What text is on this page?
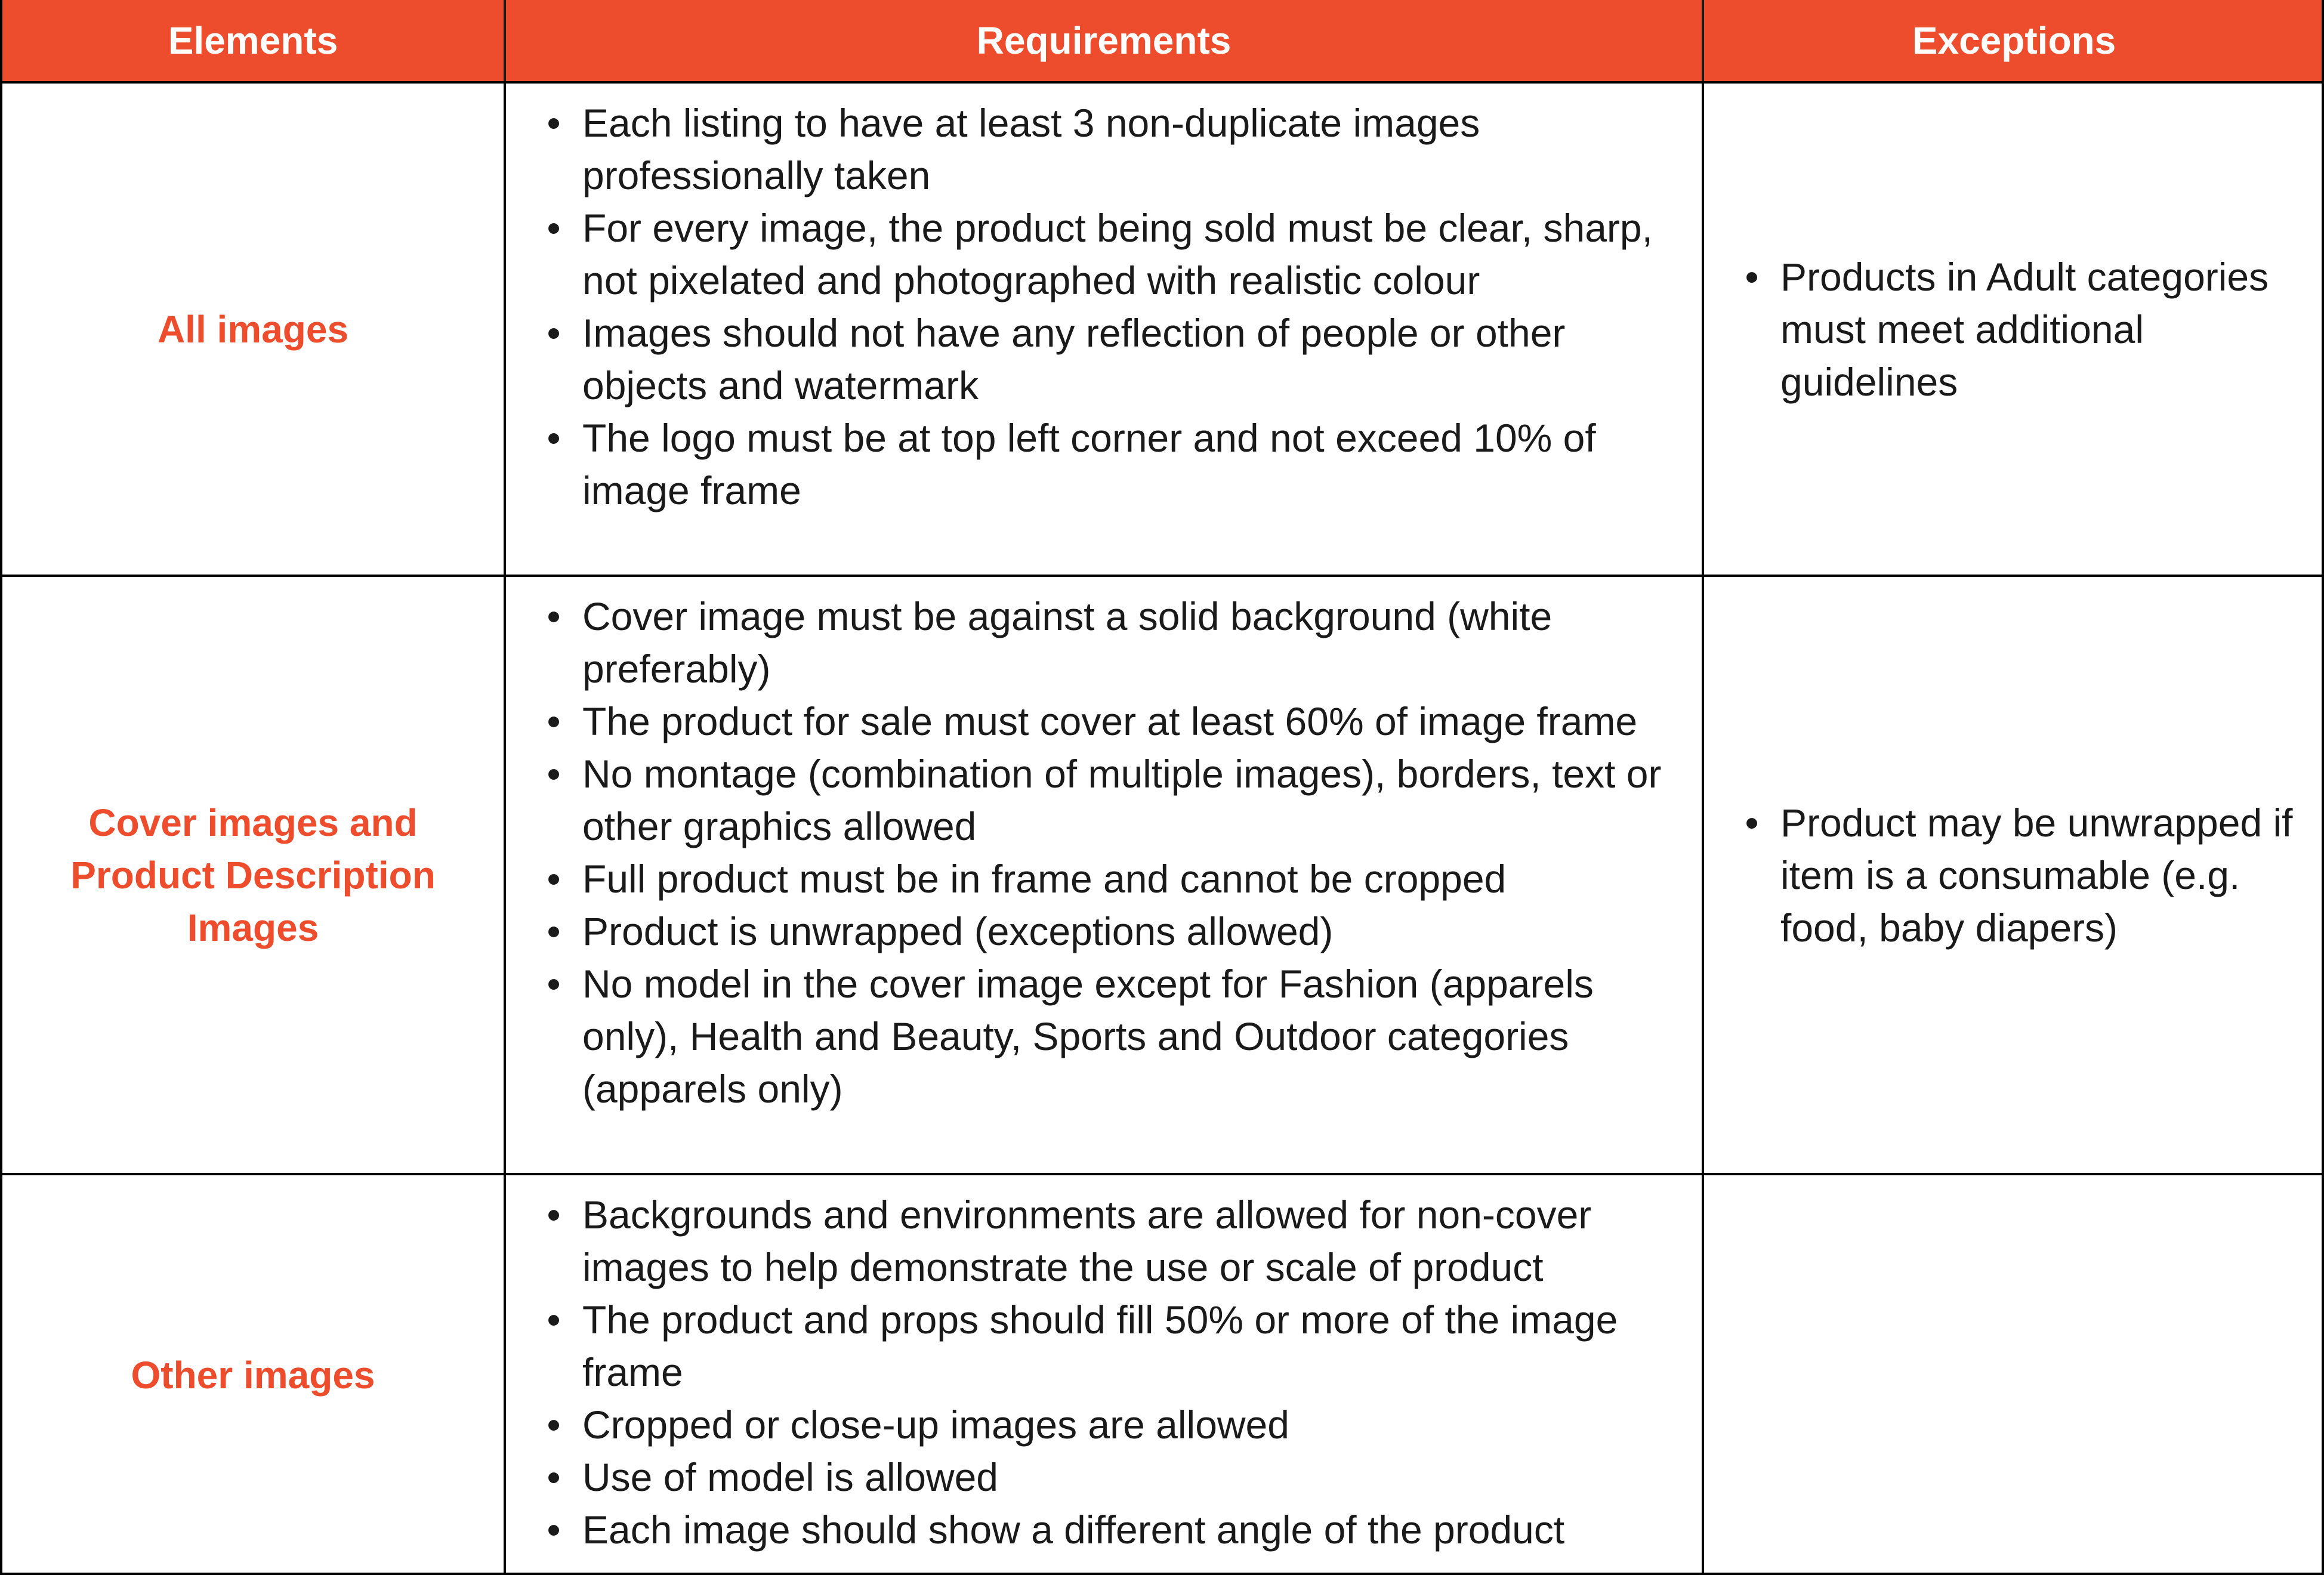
Elements	Requirements	Exceptions
All images
• Each listing to have at least 3 non-duplicate images professionally taken
• For every image, the product being sold must be clear, sharp, not pixelated and photographed with realistic colour
• Images should not have any reflection of people or other objects and watermark
• The logo must be at top left corner and not exceed 10% of image frame
• Products in Adult categories must meet additional guidelines
Cover images and Product Description Images
• Cover image must be against a solid background (white preferably)
• The product for sale must cover at least 60% of image frame
• No montage (combination of multiple images), borders, text or other graphics allowed
• Full product must be in frame and cannot be cropped
• Product is unwrapped (exceptions allowed)
• No model in the cover image except for Fashion (apparels only), Health and Beauty, Sports and Outdoor categories (apparels only)
• Product may be unwrapped if item is a consumable (e.g. food, baby diapers)
Other images
• Backgrounds and environments are allowed for non-cover images to help demonstrate the use or scale of product
• The product and props should fill 50% or more of the image frame
• Cropped or close-up images are allowed
• Use of model is allowed
• Each image should show a different angle of the product
